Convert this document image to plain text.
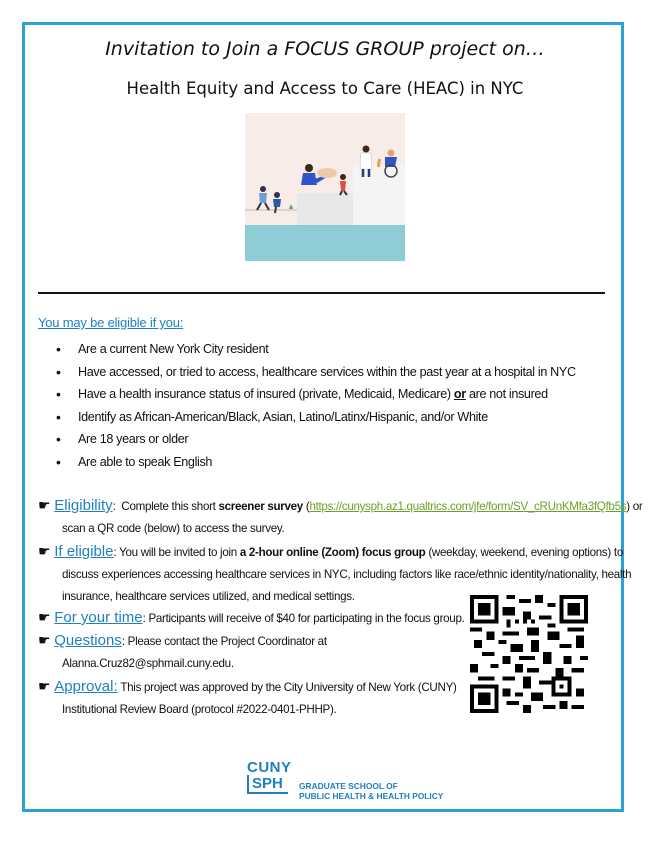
Invitation to Join a FOCUS GROUP project on…
Health Equity and Access to Care (HEAC) in NYC
You may be eligible if you:
• Are a current New York City resident
• Have accessed, or tried to access, healthcare services within the past year at a hospital in NYC
• Have a health insurance status of insured (private, Medicaid, Medicare) or are not insured
• Identify as African-American/Black, Asian, Latino/Latinx/Hispanic, and/or White
• Are 18 years or older
• Are able to speak English
☛ Eligibility:  Complete this short screener survey (https://cunysph.az1.qualtrics.com/jfe/form/SV_cRUnKMfa3fQfb5s) or
scan a QR code (below) to access the survey.
☛ If eligible: You will be invited to join a 2-hour online (Zoom) focus group (weekday, weekend, evening options) to
discuss experiences accessing healthcare services in NYC, including factors like race/ethnic identity/nationality, health
insurance, healthcare services utilized, and medical settings.
☛ For your time: Participants will receive of $40 for participating in the focus group.
☛ Questions: Please contact the Project Coordinator at
Alanna.Cruz82@sphmail.cuny.edu.
☛ Approval: This project was approved by the City University of New York (CUNY)
Institutional Review Board (protocol #2022-0401-PHHP).
CUNY
SPH GRADUATE SCHOOL OF
PUBLIC HEALTH & HEALTH POLICY
